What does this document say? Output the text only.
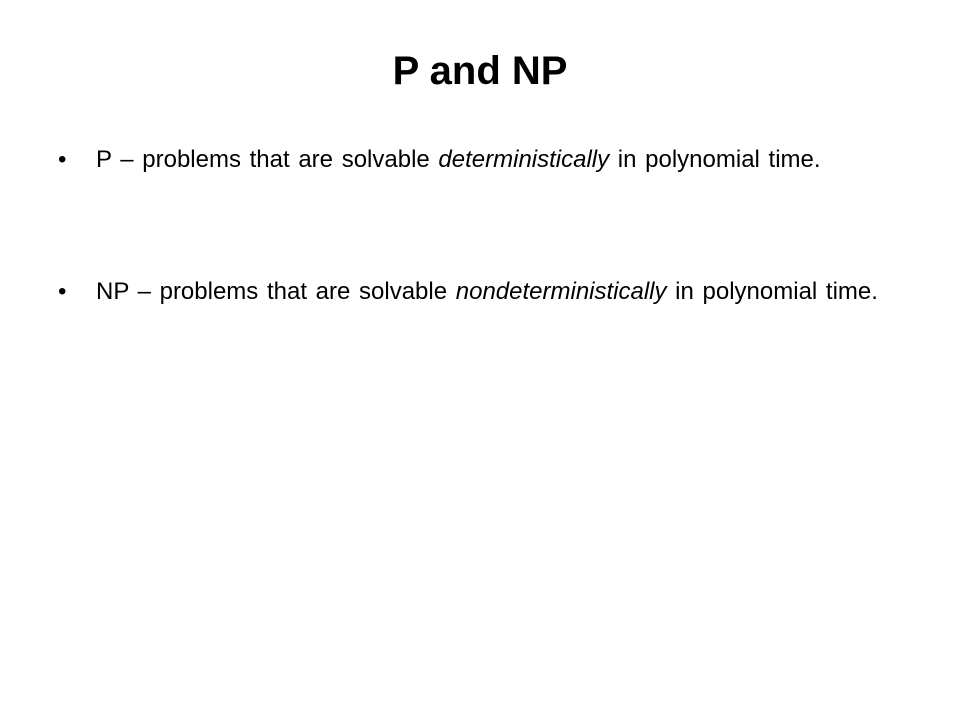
P and NP
•	P – problems that are solvable deterministically in polynomial time.
•	NP – problems that are solvable nondeterministically in polynomial time.
